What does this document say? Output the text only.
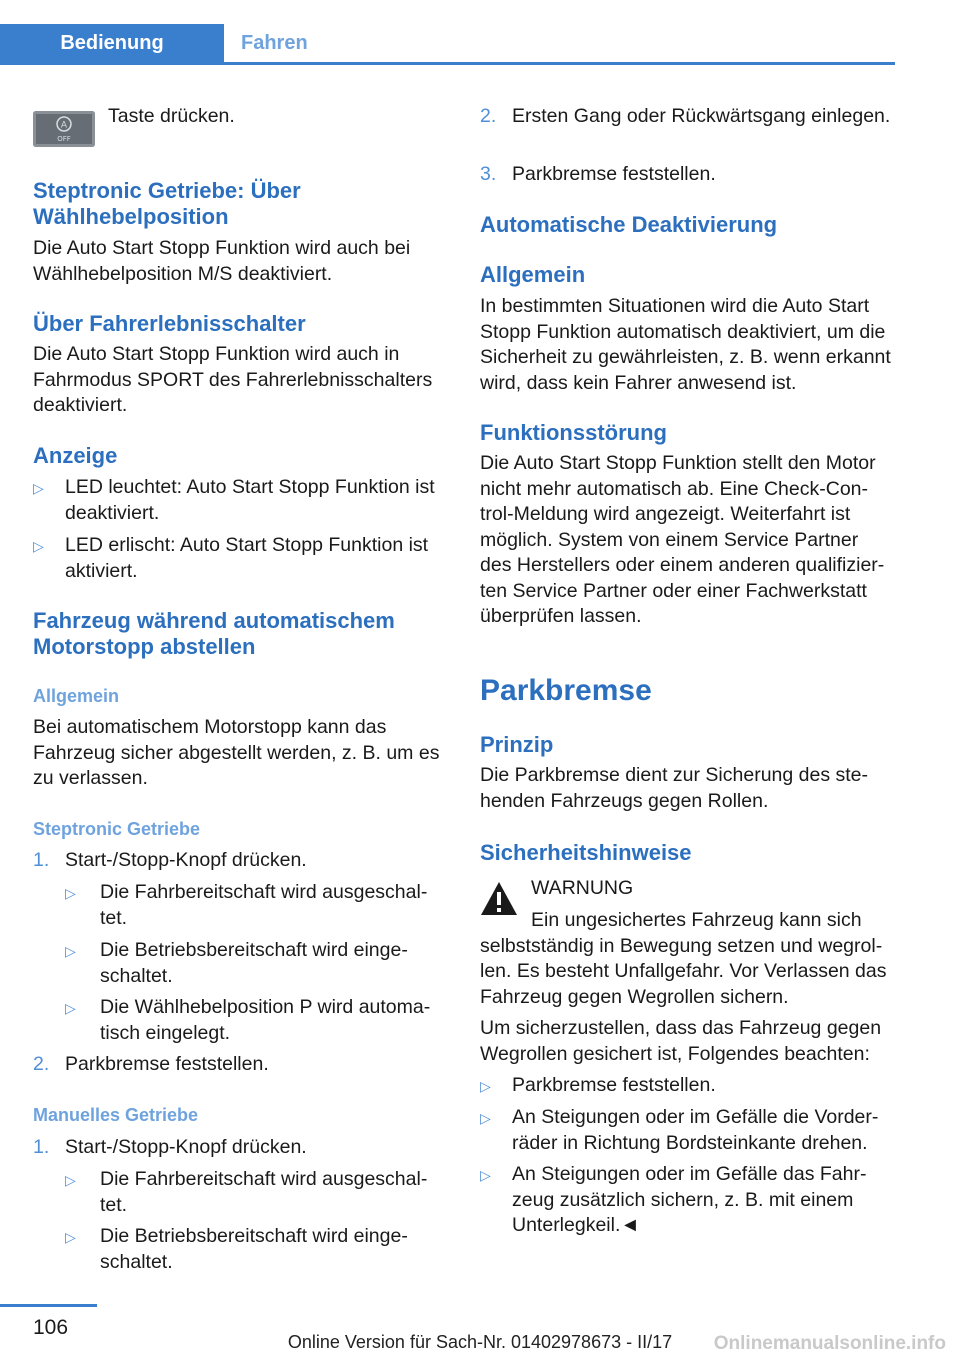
Bedienung	Fahren
A
OFF
Taste drücken.
Steptronic Getriebe: Über Wählhebelposition
Die Auto Start Stopp Funktion wird auch bei Wählhebelposition M/S deaktiviert.
Über Fahrerlebnisschalter
Die Auto Start Stopp Funktion wird auch in Fahrmodus SPORT des Fahrerlebnisschalters deaktiviert.
Anzeige
▷ LED leuchtet: Auto Start Stopp Funktion ist deaktiviert.
▷ LED erlischt: Auto Start Stopp Funktion ist aktiviert.
Fahrzeug während automatischem Motorstopp abstellen
Allgemein
Bei automatischem Motorstopp kann das Fahrzeug sicher abgestellt werden, z. B. um es zu verlassen.
Steptronic Getriebe
1. Start-/Stopp-Knopf drücken.
▷ Die Fahrbereitschaft wird ausgeschaltet.
▷ Die Betriebsbereitschaft wird eingeschaltet.
▷ Die Wählhebelposition P wird automatisch eingelegt.
2. Parkbremse feststellen.
Manuelles Getriebe
1. Start-/Stopp-Knopf drücken.
▷ Die Fahrbereitschaft wird ausgeschaltet.
▷ Die Betriebsbereitschaft wird eingeschaltet.
2. Ersten Gang oder Rückwärtsgang einlegen.
3. Parkbremse feststellen.
Automatische Deaktivierung
Allgemein
In bestimmten Situationen wird die Auto Start Stopp Funktion automatisch deaktiviert, um die Sicherheit zu gewährleisten, z. B. wenn erkannt wird, dass kein Fahrer anwesend ist.
Funktionsstörung
Die Auto Start Stopp Funktion stellt den Motor nicht mehr automatisch ab. Eine Check-Control-Meldung wird angezeigt. Weiterfahrt ist möglich. System von einem Service Partner des Herstellers oder einem anderen qualifizierten Service Partner oder einer Fachwerkstatt überprüfen lassen.
Parkbremse
Prinzip
Die Parkbremse dient zur Sicherung des stehenden Fahrzeugs gegen Rollen.
Sicherheitshinweise
WARNUNG
Ein ungesichertes Fahrzeug kann sich selbstständig in Bewegung setzen und wegrollen. Es besteht Unfallgefahr. Vor Verlassen das Fahrzeug gegen Wegrollen sichern.
Um sicherzustellen, dass das Fahrzeug gegen Wegrollen gesichert ist, Folgendes beachten:
▷ Parkbremse feststellen.
▷ An Steigungen oder im Gefälle die Vorderräder in Richtung Bordsteinkante drehen.
▷ An Steigungen oder im Gefälle das Fahrzeug zusätzlich sichern, z. B. mit einem Unterlegkeil.◄
106
Online Version für Sach-Nr. 01402978673 - II/17	Onlinemanualsonline.info
